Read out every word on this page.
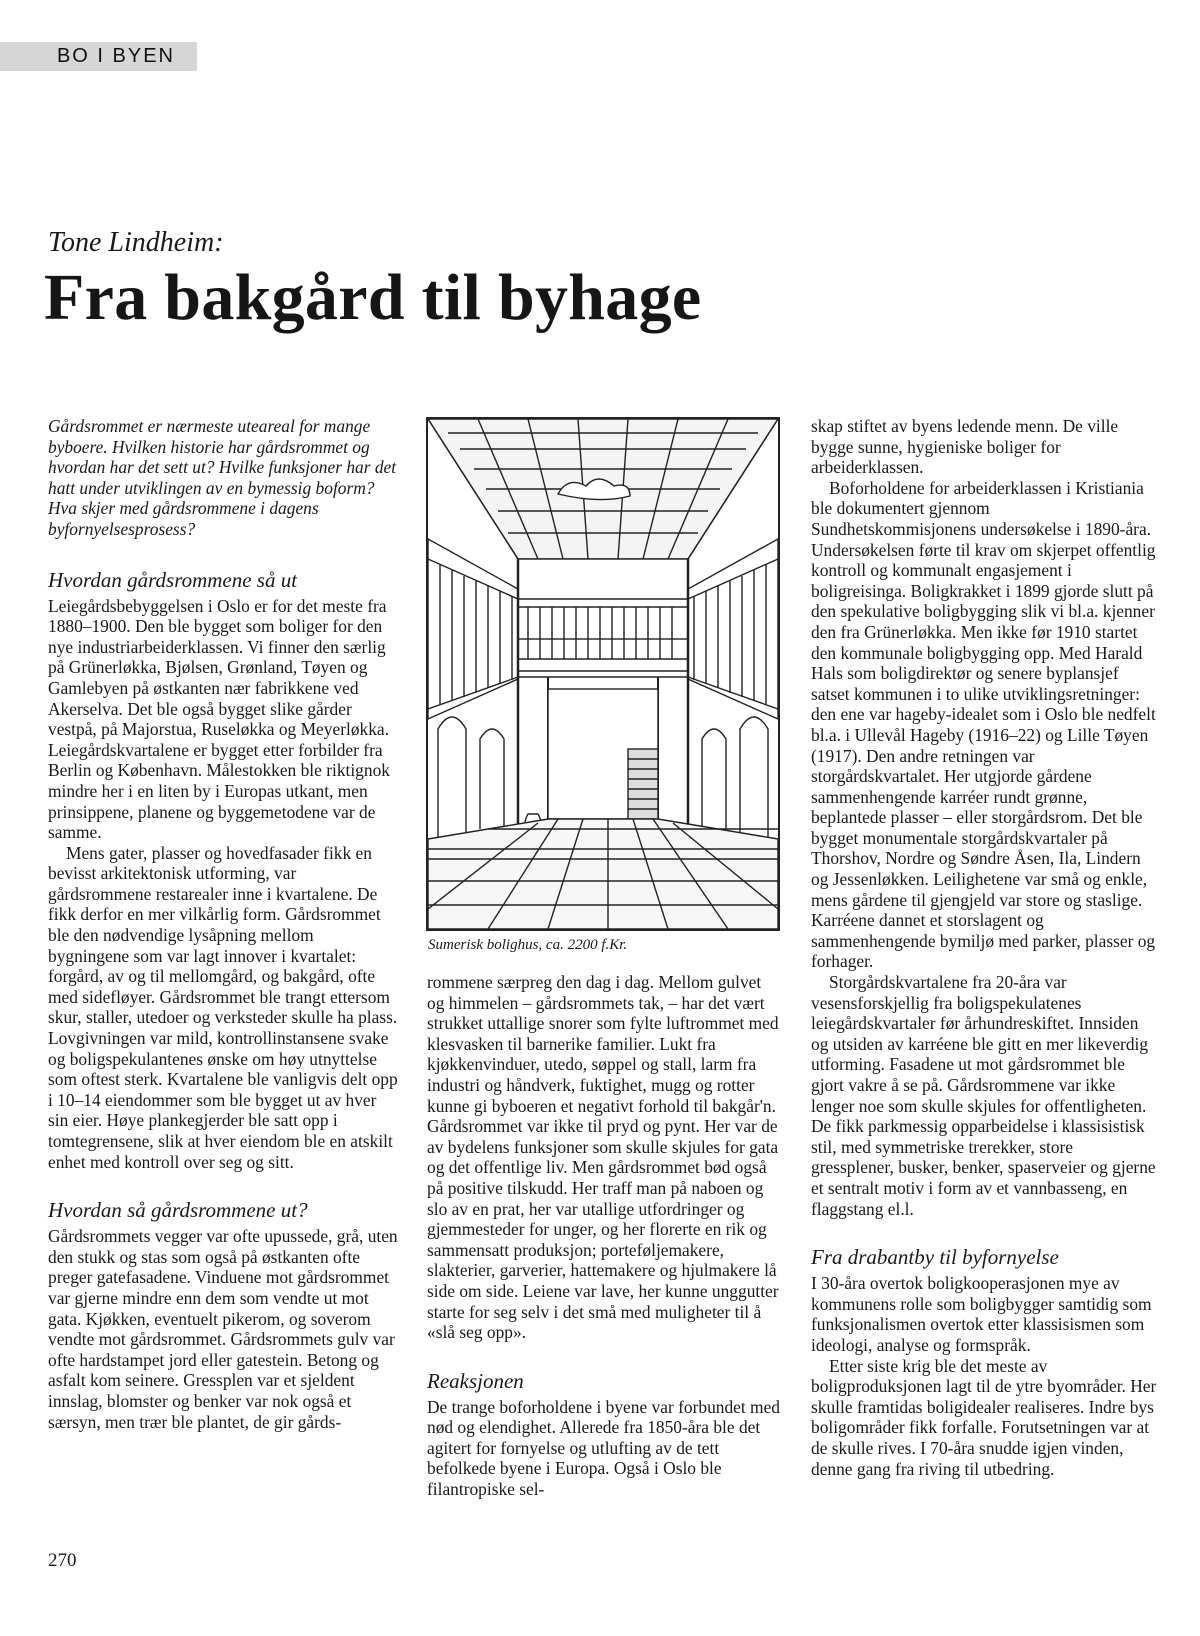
BO I BYEN
Tone Lindheim:
Fra bakgård til byhage

Gårdsrommet er nærmeste uteareal for mange byboere. Hvilken historie har gårdsrommet og hvordan har det sett ut? Hvilke funksjoner har det hatt under utviklingen av en bymessig boform? Hva skjer med gårdsrommene i dagens byfornyelsesprosess?

Hvordan gårdsrommene så ut

Leiegårdsbebyggelsen i Oslo er for det meste fra 1880–1900. Den ble bygget som boliger for den nye industriarbeiderklassen. Vi finner den særlig på Grünerløkka, Bjølsen, Grønland, Tøyen og Gamlebyen på østkanten nær fabrikkene ved Akerselva. Det ble også bygget slike gårder vestpå, på Majorstua, Ruseløkka og Meyerløkka. Leiegårdskvartalene er bygget etter forbilder fra Berlin og København. Målestokken ble riktignok mindre her i en liten by i Europas utkant, men prinsippene, planene og byggemetodene var de samme.

Mens gater, plasser og hovedfasader fikk en bevisst arkitektonisk utforming, var gårdsrommene restarealer inne i kvartalene. De fikk derfor en mer vilkårlig form. Gårdsrommet ble den nødvendige lysåpning mellom bygningene som var lagt innover i kvartalet: forgård, av og til mellomgård, og bakgård, ofte med sidefløyer. Gårdsrommet ble trangt ettersom skur, staller, utedoer og verksteder skulle ha plass. Lovgivningen var mild, kontrollinstansene svake og boligspekulantenes ønske om høy utnyttelse som oftest sterk. Kvartalene ble vanligvis delt opp i 10–14 eiendommer som ble bygget ut av hver sin eier. Høye plankegjerder ble satt opp i tomtegrensene, slik at hver eiendom ble en atskilt enhet med kontroll over seg og sitt.

Hvordan så gårdsrommene ut?

Gårdsrommets vegger var ofte upussede, grå, uten den stukk og stas som også på østkanten ofte preger gatefasadene. Vinduene mot gårdsrommet var gjerne mindre enn dem som vendte ut mot gata. Kjøkken, eventuelt pikerom, og soverom vendte mot gårdsrommet. Gårdsrommets gulv var ofte hardstampet jord eller gatestein. Betong og asfalt kom seinere. Gressplen var et sjeldent innslag, blomster og benker var nok også et særsyn, men trær ble plantet, de gir gårds-

Sumerisk bolighus, ca. 2200 f.Kr.

rommene særpreg den dag i dag. Mellom gulvet og himmelen – gårdsrommets tak, – har det vært strukket uttallige snorer som fylte luftrommet med klesvasken til barnerike familier. Lukt fra kjøkkenvinduer, utedo, søppel og stall, larm fra industri og håndverk, fuktighet, mugg og rotter kunne gi byboeren et negativt forhold til bakgår'n. Gårdsrommet var ikke til pryd og pynt. Her var de av bydelens funksjoner som skulle skjules for gata og det offentlige liv. Men gårdsrommet bød også på positive tilskudd. Her traff man på naboen og slo av en prat, her var utallige utfordringer og gjemmesteder for unger, og her florerte en rik og sammensatt produksjon; porteføljemakere, slakterier, garverier, hattemakere og hjulmakere lå side om side. Leiene var lave, her kunne unggutter starte for seg selv i det små med muligheter til å «slå seg opp».

Reaksjonen

De trange boforholdene i byene var forbundet med nød og elendighet. Allerede fra 1850-åra ble det agitert for fornyelse og utlufting av de tett befolkede byene i Europa. Også i Oslo ble filantropiske sel-

skap stiftet av byens ledende menn. De ville bygge sunne, hygieniske boliger for arbeiderklassen.

Boforholdene for arbeiderklassen i Kristiania ble dokumentert gjennom Sundhetskommisjonens undersøkelse i 1890-åra. Undersøkelsen førte til krav om skjerpet offentlig kontroll og kommunalt engasjement i boligreisinga. Boligkrakket i 1899 gjorde slutt på den spekulative boligbygging slik vi bl.a. kjenner den fra Grünerløkka. Men ikke før 1910 startet den kommunale boligbygging opp. Med Harald Hals som boligdirektør og senere byplansjef satset kommunen i to ulike utviklingsretninger: den ene var hageby-idealet som i Oslo ble nedfelt bl.a. i Ullevål Hageby (1916–22) og Lille Tøyen (1917). Den andre retningen var storgårdskvartalet. Her utgjorde gårdene sammenhengende karréer rundt grønne, beplantede plasser – eller storgårdsrom. Det ble bygget monumentale storgårdskvartaler på Thorshov, Nordre og Søndre Åsen, Ila, Lindern og Jessenløkken. Leilighetene var små og enkle, mens gårdene til gjengjeld var store og staslige. Karréene dannet et storslagent og sammenhengende bymiljø med parker, plasser og forhager.

Storgårdskvartalene fra 20-åra var vesensforskjellig fra boligspekulatenes leiegårdskvartaler før århundreskiftet. Innsiden og utsiden av karréene ble gitt en mer likeverdig utforming. Fasadene ut mot gårdsrommet ble gjort vakre å se på. Gårdsrommene var ikke lenger noe som skulle skjules for offentligheten. De fikk parkmessig opparbeidelse i klassisistisk stil, med symmetriske trerekker, store gressplener, busker, benker, spaserveier og gjerne et sentralt motiv i form av et vannbasseng, en flaggstang el.l.

Fra drabantby til byfornyelse

I 30-åra overtok boligkooperasjonen mye av kommunens rolle som boligbygger samtidig som funksjonalismen overtok etter klassisismen som ideologi, analyse og formspråk.

Etter siste krig ble det meste av boligproduksjonen lagt til de ytre byområder. Her skulle framtidas boligidealer realiseres. Indre bys boligområder fikk forfalle. Forutsetningen var at de skulle rives. I 70-åra snudde igjen vinden, denne gang fra riving til utbedring.

270
